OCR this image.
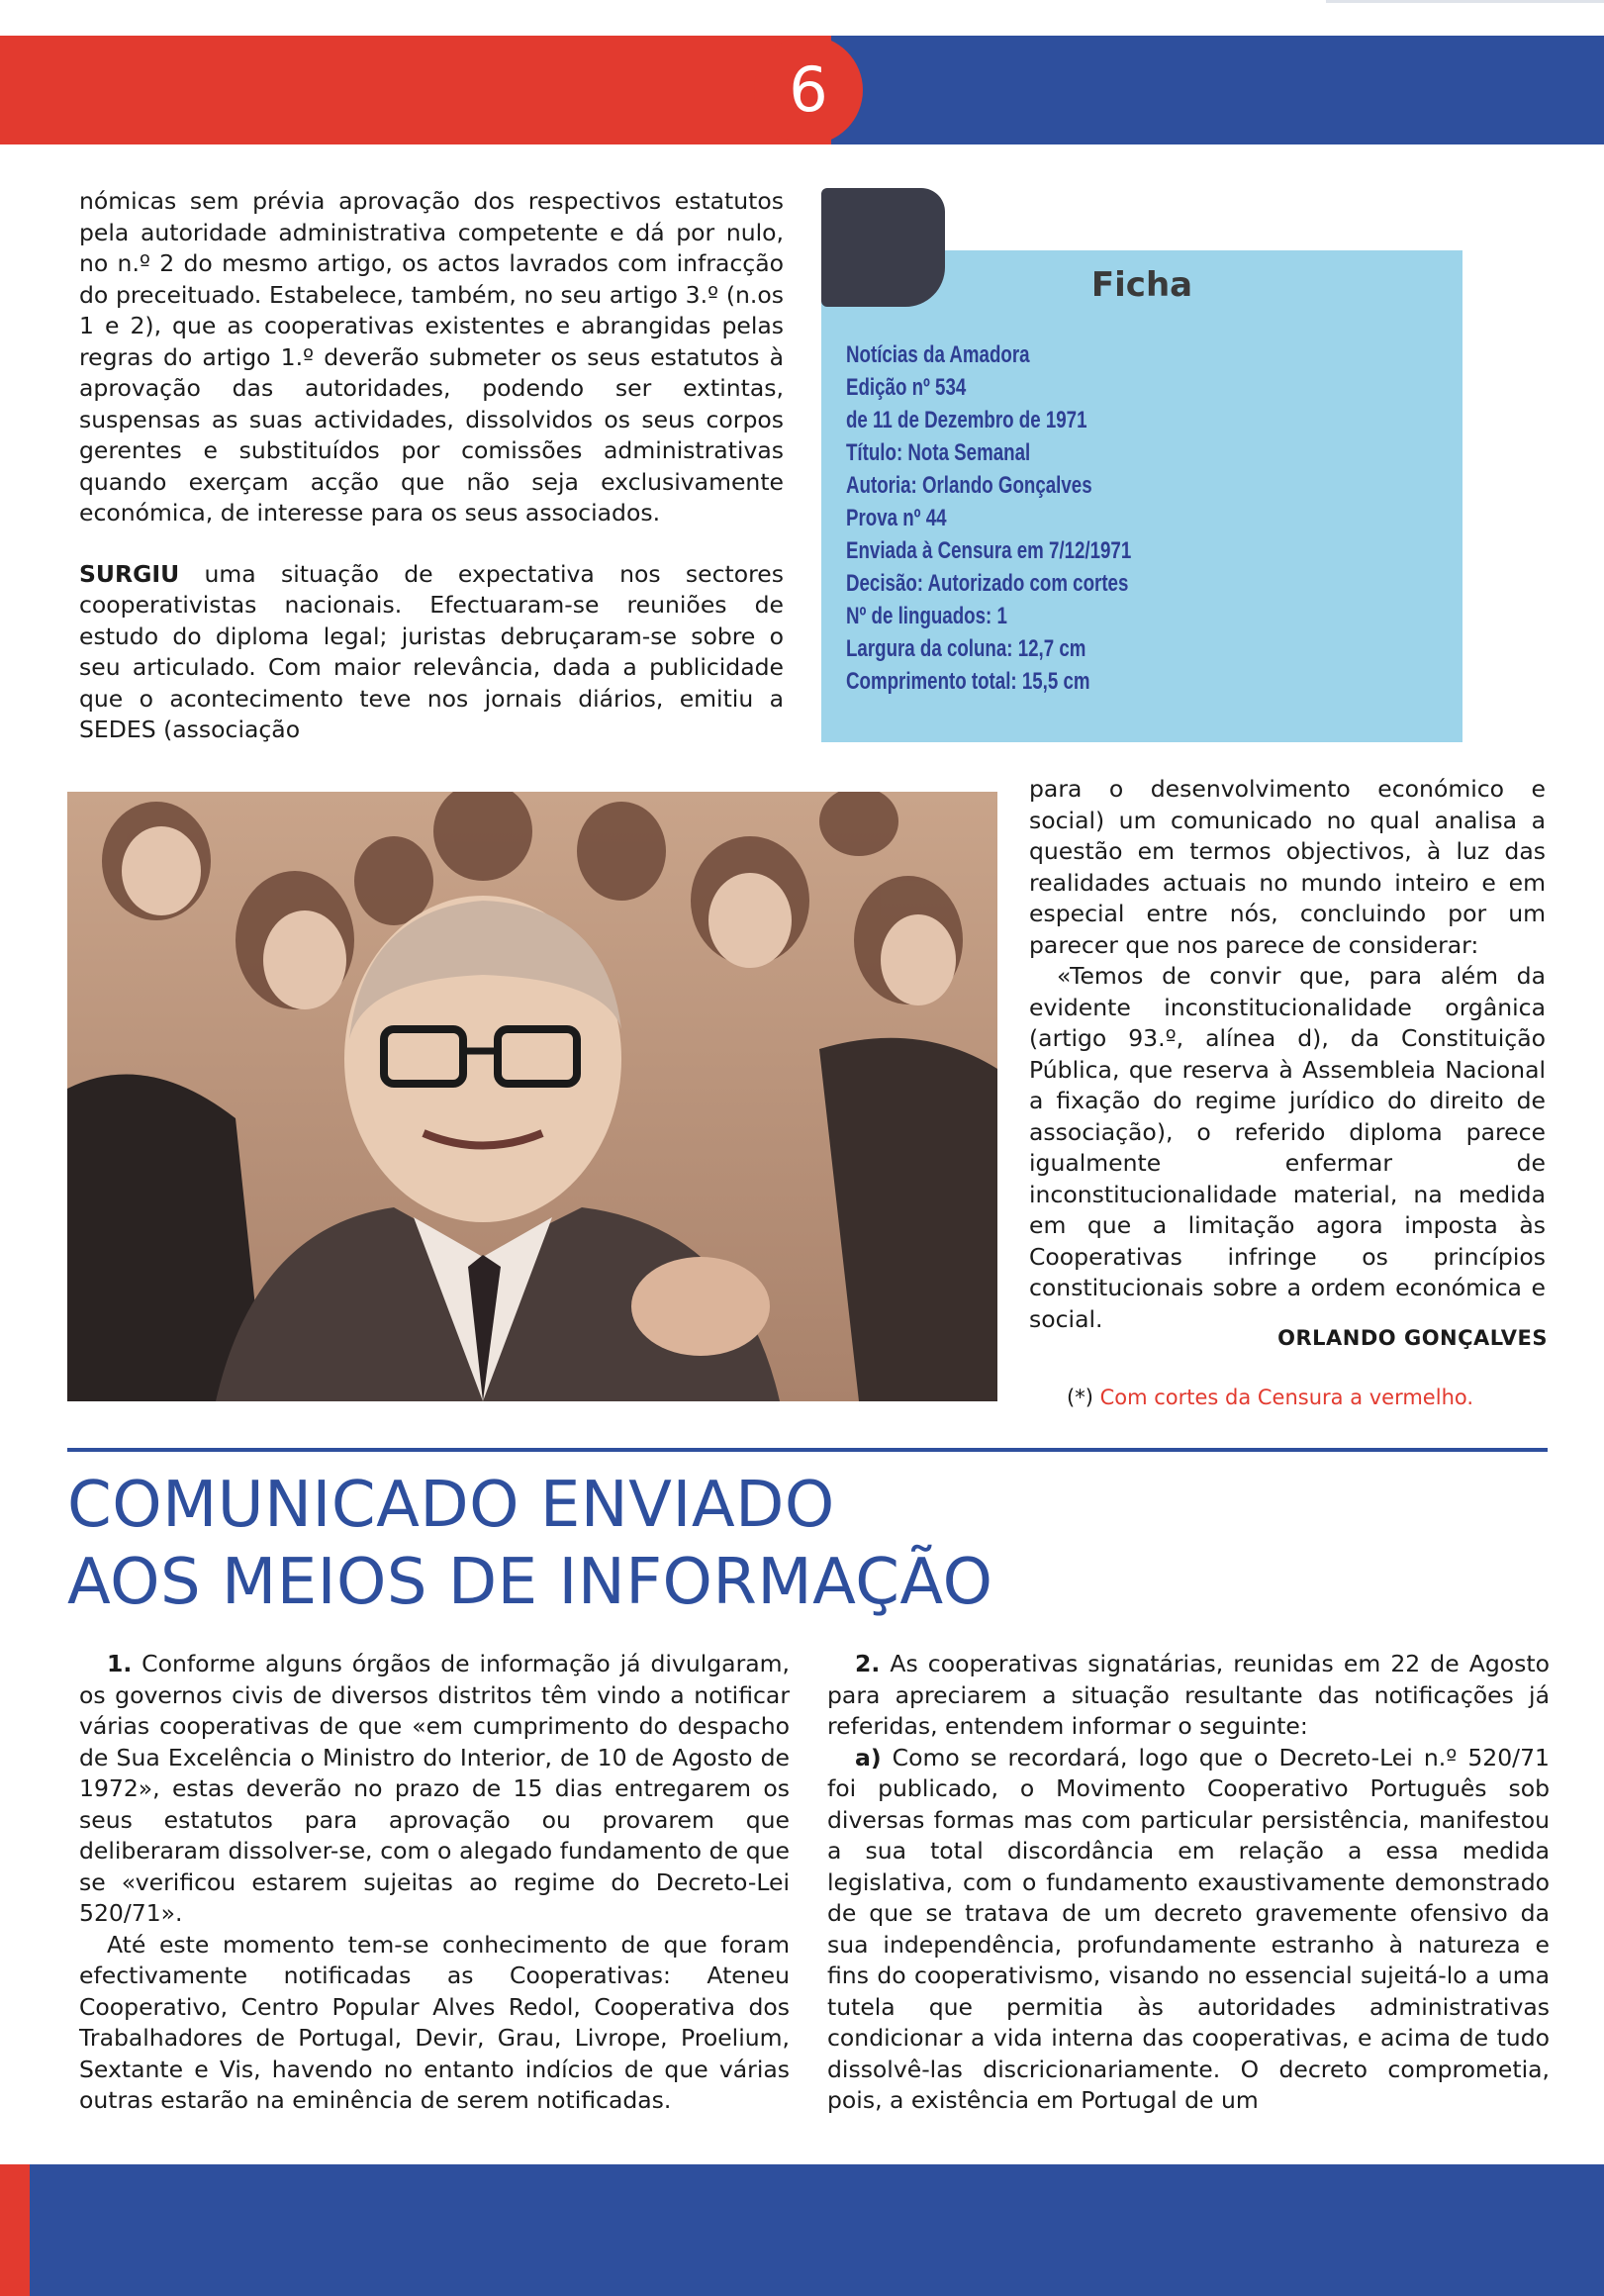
6

nómicas sem prévia aprovação dos respectivos estatutos pela autoridade administrativa competente e dá por nulo, no n.º 2 do mesmo artigo, os actos lavrados com infracção do preceituado. Estabelece, também, no seu artigo 3.º (n.os 1 e 2), que as cooperativas existentes e abrangidas pelas regras do artigo 1.º deverão submeter os seus estatutos à aprovação das autoridades, podendo ser extintas, suspensas as suas actividades, dissolvidos os seus corpos gerentes e substituídos por comissões administrativas quando exerçam acção que não seja exclusivamente económica, de interesse para os seus associados.

SURGIU uma situação de expectativa nos sectores cooperativistas nacionais. Efectuaram-se reuniões de estudo do diploma legal; juristas debruçaram-se sobre o seu articulado. Com maior relevância, dada a publicidade que o acontecimento teve nos jornais diários, emitiu a SEDES (associação

Ficha
Notícias da Amadora
Edição nº 534
de 11 de Dezembro de 1971
Título: Nota Semanal
Autoria: Orlando Gonçalves
Prova nº 44
Enviada à Censura em 7/12/1971
Decisão: Autorizado com cortes
Nº de linguados: 1
Largura da coluna: 12,7 cm
Comprimento total: 15,5 cm

para o desenvolvimento económico e social) um comunicado no qual analisa a questão em termos objectivos, à luz das realidades actuais no mundo inteiro e em especial entre nós, concluindo por um parecer que nos parece de considerar:

«Temos de convir que, para além da evidente inconstitucionalidade orgânica (artigo 93.º, alínea d), da Constituição Pública, que reserva à Assembleia Nacional a fixação do regime jurídico do direito de associação), o referido diploma parece igualmente enfermar de inconstitucionalidade material, na medida em que a limitação agora imposta às Cooperativas infringe os princípios constitucionais sobre a ordem económica e social.

ORLANDO GONÇALVES
(*) Com cortes da Censura a vermelho.
COMUNICADO ENVIADO
AOS MEIOS DE INFORMAÇÃO

1. Conforme alguns órgãos de informação já divulgaram, os governos civis de diversos distritos têm vindo a notificar várias cooperativas de que «em cumprimento do despacho de Sua Excelência o Ministro do Interior, de 10 de Agosto de 1972», estas deverão no prazo de 15 dias entregarem os seus estatutos para aprovação ou provarem que deliberaram dissolver-se, com o alegado fundamento de que se «verificou estarem sujeitas ao regime do Decreto-Lei 520/71».

Até este momento tem-se conhecimento de que foram efectivamente notificadas as Cooperativas: Ateneu Cooperativo, Centro Popular Alves Redol, Cooperativa dos Trabalhadores de Portugal, Devir, Grau, Livrope, Proelium, Sextante e Vis, havendo no entanto indícios de que várias outras estarão na eminência de serem notificadas.

2. As cooperativas signatárias, reunidas em 22 de Agosto para apreciarem a situação resultante das notificações já referidas, entendem informar o seguinte:

a) Como se recordará, logo que o Decreto-Lei n.º 520/71 foi publicado, o Movimento Cooperativo Português sob diversas formas mas com particular persistência, manifestou a sua total discordância em relação a essa medida legislativa, com o fundamento exaustivamente demonstrado de que se tratava de um decreto gravemente ofensivo da sua independência, profundamente estranho à natureza e fins do cooperativismo, visando no essencial sujeitá-lo a uma tutela que permitia às autoridades administrativas condicionar a vida interna das cooperativas, e acima de tudo dissolvê-las discricionariamente. O decreto comprometia, pois, a existência em Portugal de um
